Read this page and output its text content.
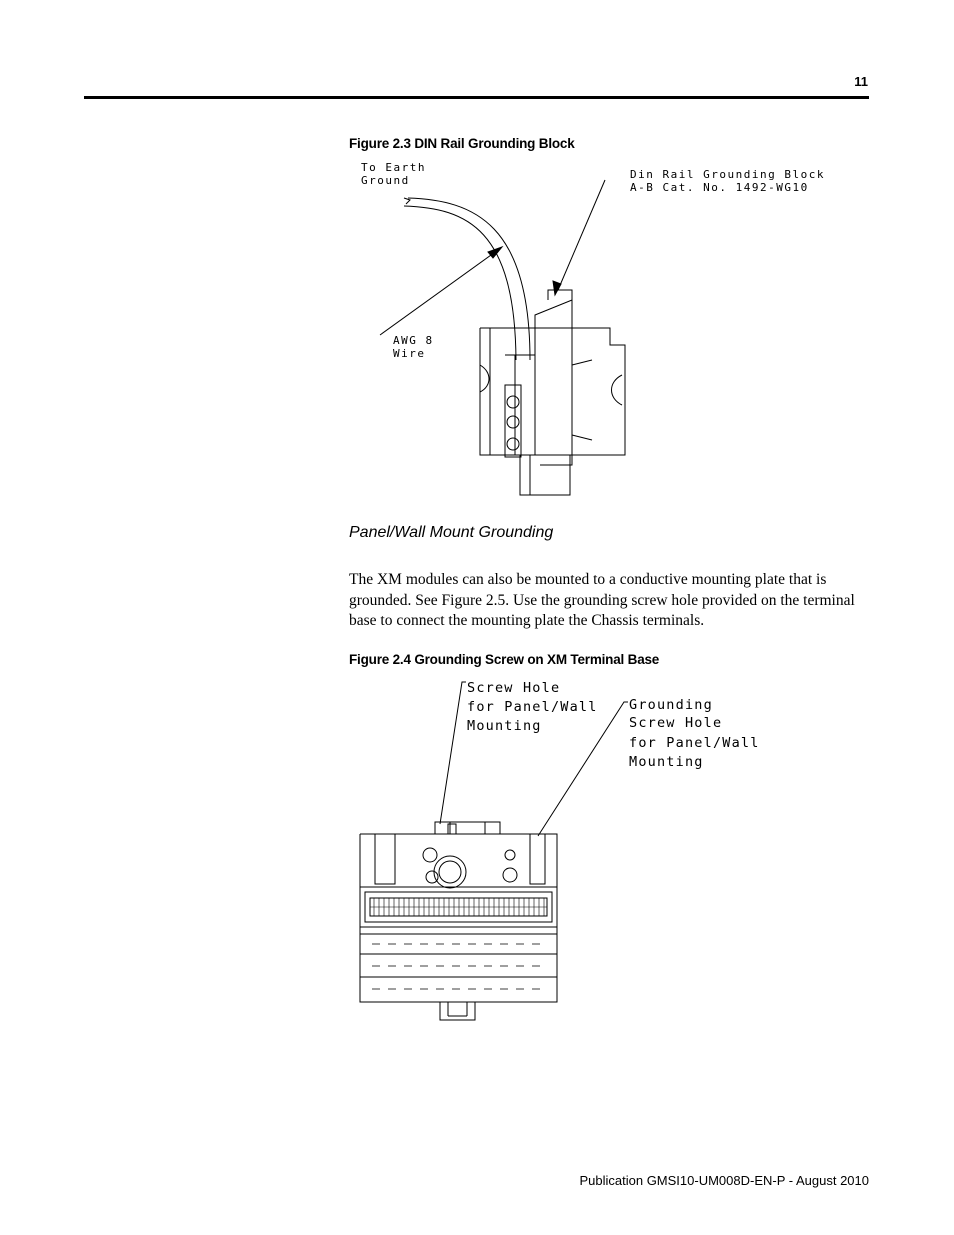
11
Figure 2.3 DIN Rail Grounding Block
To Earth
Ground	Din Rail Grounding Block
A-B Cat. No. 1492-WG10
AWG 8
Wire
Panel/Wall Mount Grounding

The XM modules can also be mounted to a conductive mounting plate that is grounded. See Figure 2.5. Use the grounding screw hole provided on the terminal base to connect the mounting plate the Chassis terminals.

Figure 2.4 Grounding Screw on XM Terminal Base
Screw Hole
for Panel/Wall
Mounting
Grounding
Screw Hole
for Panel/Wall
Mounting
Publication GMSI10-UM008D-EN-P - August 2010
